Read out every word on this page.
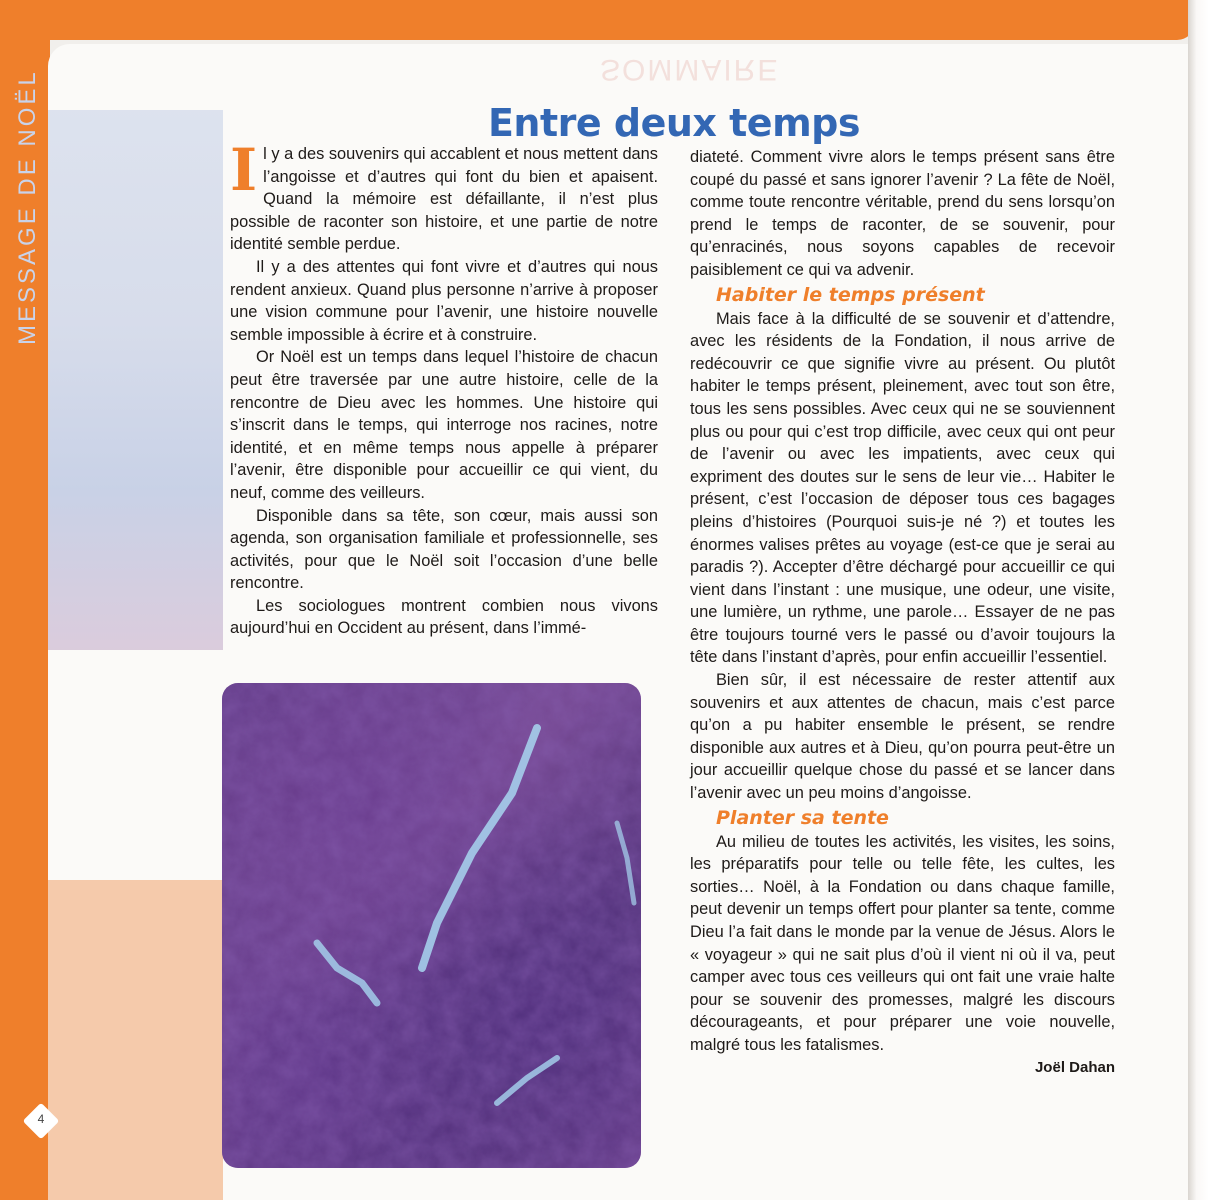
SOMMAIRE
MESSAGE DE NOËL	Entre deux temps

Il y a des souvenirs qui accablent et nous mettent dans l’angoisse et d’autres qui font du bien et apaisent. Quand la mémoire est défaillante, il n’est plus possible de raconter son histoire, et une partie de notre identité semble perdue.

Il y a des attentes qui font vivre et d’autres qui nous rendent anxieux. Quand plus personne n’arrive à proposer une vision commune pour l’avenir, une histoire nouvelle semble impossible à écrire et à construire.

Or Noël est un temps dans lequel l’histoire de chacun peut être traversée par une autre histoire, celle de la rencontre de Dieu avec les hommes. Une histoire qui s’inscrit dans le temps, qui interroge nos racines, notre identité, et en même temps nous appelle à préparer l’avenir, être disponible pour accueillir ce qui vient, du neuf, comme des veilleurs.

Disponible dans sa tête, son cœur, mais aussi son agenda, son organisation familiale et professionnelle, ses activités, pour que le Noël soit l’occasion d’une belle rencontre.

Les sociologues montrent combien nous vivons aujourd’hui en Occident au présent, dans l’immé-

diateté. Comment vivre alors le temps présent sans être coupé du passé et sans ignorer l’avenir ? La fête de Noël, comme toute rencontre véritable, prend du sens lorsqu’on prend le temps de raconter, de se souvenir, pour qu’enracinés, nous soyons capables de recevoir paisiblement ce qui va advenir.

Habiter le temps présent

Mais face à la difficulté de se souvenir et d’attendre, avec les résidents de la Fondation, il nous arrive de redécouvrir ce que signifie vivre au présent. Ou plutôt habiter le temps présent, pleinement, avec tout son être, tous les sens possibles. Avec ceux qui ne se souviennent plus ou pour qui c’est trop difficile, avec ceux qui ont peur de l’avenir ou avec les impatients, avec ceux qui expriment des doutes sur le sens de leur vie… Habiter le présent, c’est l’occasion de déposer tous ces bagages pleins d’histoires (Pourquoi suis-je né ?) et toutes les énormes valises prêtes au voyage (est-ce que je serai au paradis ?). Accepter d’être déchargé pour accueillir ce qui vient dans l’instant : une musique, une odeur, une visite, une lumière, un rythme, une parole… Essayer de ne pas être toujours tourné vers le passé ou d’avoir toujours la tête dans l’instant d’après, pour enfin accueillir l’essentiel.

Bien sûr, il est nécessaire de rester attentif aux souvenirs et aux attentes de chacun, mais c’est parce qu’on a pu habiter ensemble le présent, se rendre disponible aux autres et à Dieu, qu’on pourra peut-être un jour accueillir quelque chose du passé et se lancer dans l’avenir avec un peu moins d’angoisse.

Planter sa tente

Au milieu de toutes les activités, les visites, les soins, les préparatifs pour telle ou telle fête, les cultes, les sorties… Noël, à la Fondation ou dans chaque famille, peut devenir un temps offert pour planter sa tente, comme Dieu l’a fait dans le monde par la venue de Jésus. Alors le « voyageur » qui ne sait plus d’où il vient ni où il va, peut camper avec tous ces veilleurs qui ont fait une vraie halte pour se souvenir des promesses, malgré les discours décourageants, et pour préparer une voie nouvelle, malgré tous les fatalismes.

Joël Dahan

4
